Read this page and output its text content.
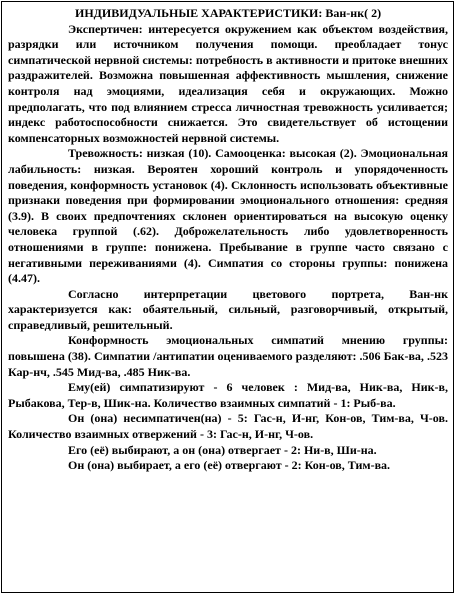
ИНДИВИДУАЛЬНЫЕ ХАРАКТЕРИСТИКИ: Ван-нк( 2)

Экспертичен: интересуется окружением как объектом воздействия, разрядки или источником получения помощи. преобладает тонус симпатической нервной системы: потребность в активности и притоке внешних раздражителей. Возможна повышенная аффективность мышления, снижение контроля над эмоциями, идеализация себя и окружающих. Можно предполагать, что под влиянием стресса личностная тревожность усиливается; индекс работоспособности снижается. Это свидетельствует об истощении компенсаторных возможностей нервной системы.

Тревожность: низкая (10). Самооценка: высокая (2). Эмоциональная лабильность: низкая. Вероятен хороший контроль и упорядоченность поведения, конформность установок (4). Склонность использовать объективные признаки поведения при формировании эмоционального отношения: средняя (3.9). В своих предпочтениях склонен ориентироваться на высокую оценку человека группой (.62). Доброжелательность либо удовлетворенность отношениями в группе: понижена. Пребывание в группе часто связано с негативными переживаниями (4). Симпатия со стороны группы: понижена (4.47).

Согласно интерпретации цветового портрета, Ван-нк характеризуется как: обаятельный, сильный, разговорчивый, открытый, справедливый, решительный.

Конформность эмоциональных симпатий мнению группы: повышена (38). Симпатии /антипатии оцениваемого разделяют: .506 Бак-ва, .523 Кар-нч, .545 Мид-ва, .485 Ник-ва.

Ему(ей) симпатизируют - 6 человек : Мид-ва, Ник-ва, Ник-в, Рыбакова, Тер-в, Шик-на. Количество взаимных симпатий - 1: Рыб-ва.

Он (она) несимпатичен(на) - 5: Гас-н, И-нг, Кон-ов, Тим-ва, Ч-ов. Количество взаимных отвержений - 3: Гас-н, И-нг, Ч-ов.

Его (её) выбирают, а он (она) отвергает - 2: Ни-в, Ши-на.

Он (она) выбирает, а его (её) отвергают - 2: Кон-ов, Тим-ва.
